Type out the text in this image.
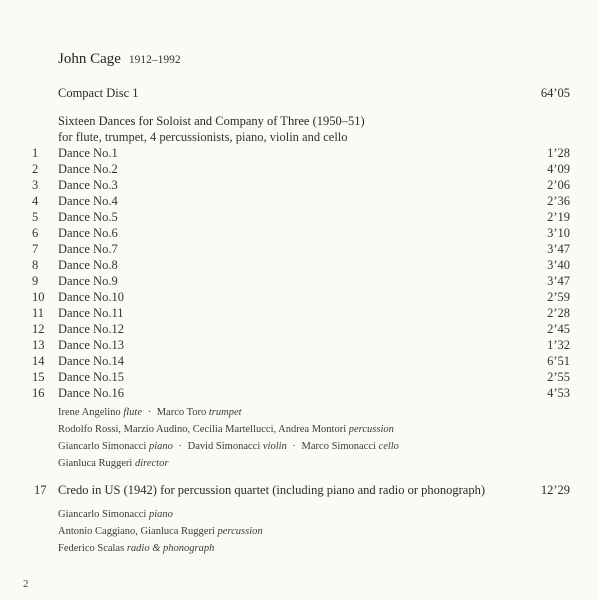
John Cage 1912–1992
Compact Disc 1	64’05
Sixteen Dances for Soloist and Company of Three (1950–51)
for flute, trumpet, 4 percussionists, piano, violin and cello
1	Dance No.1	1’28
2	Dance No.2	4’09
3	Dance No.3	2’06
4	Dance No.4	2’36
5	Dance No.5	2’19
6	Dance No.6	3’10
7	Dance No.7	3’47
8	Dance No.8	3’40
9	Dance No.9	3’47
10	Dance No.10	2’59
11	Dance No.11	2’28
12	Dance No.12	2’45
13	Dance No.13	1’32
14	Dance No.14	6’51
15	Dance No.15	2’55
16	Dance No.16	4’53
Irene Angelino flute · Marco Toro trumpet
Rodolfo Rossi, Marzio Audino, Cecilia Martellucci, Andrea Montori percussion
Giancarlo Simonacci piano · David Simonacci violin · Marco Simonacci cello
Gianluca Ruggeri director
17 Credo in US (1942) for percussion quartet (including piano and radio or phonograph)	12’29
Giancarlo Simonacci piano
Antonio Caggiano, Gianluca Ruggeri percussion
Federico Scalas radio & phonograph
2
